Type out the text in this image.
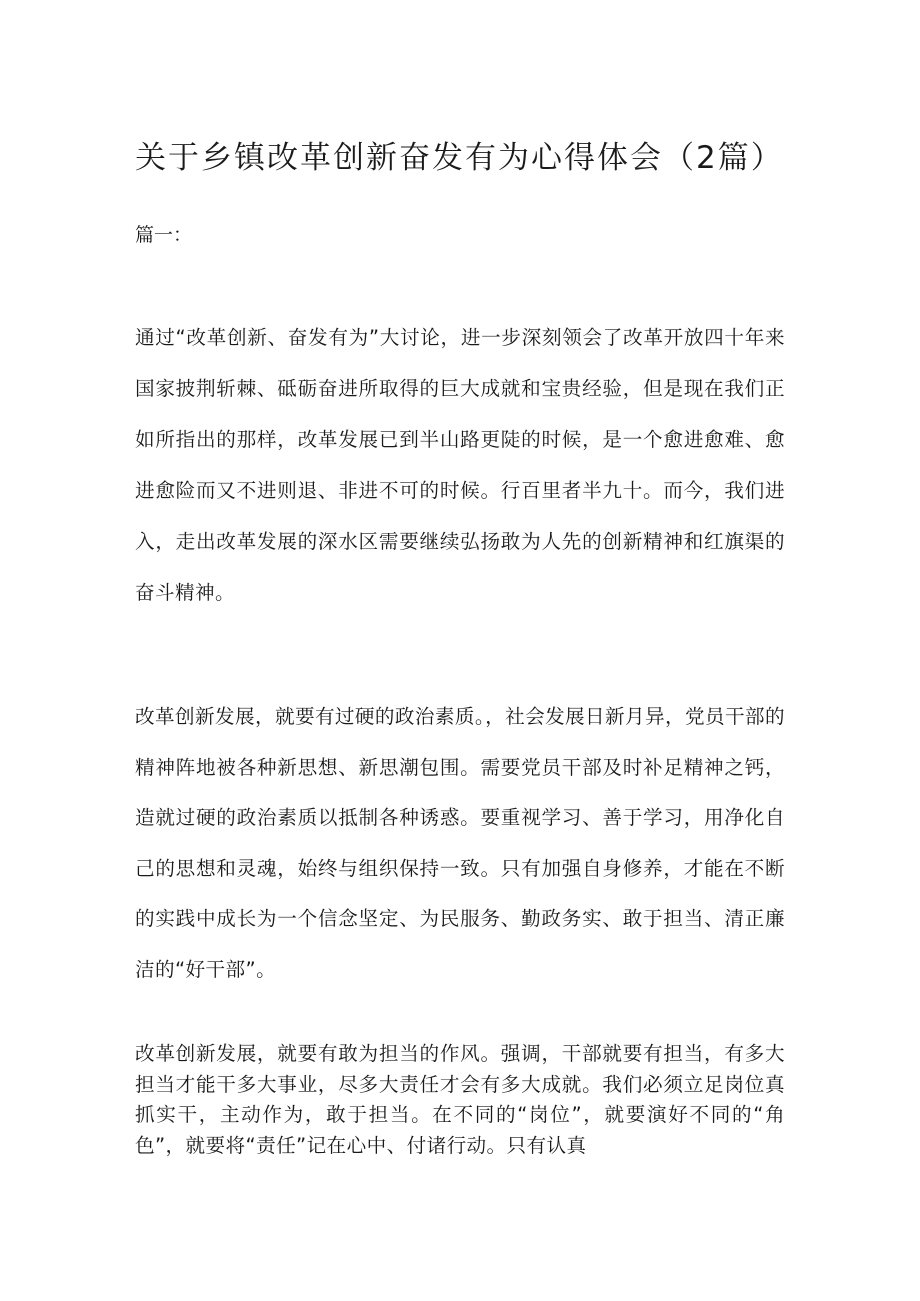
关于乡镇改革创新奋发有为心得体会（2篇）

篇一：

通过“改革创新、奋发有为”大讨论，进一步深刻领会了改革开放四十年来国家披荆斩棘、砥砺奋进所取得的巨大成就和宝贵经验，但是现在我们正如所指出的那样，改革发展已到半山路更陡的时候，是一个愈进愈难、愈进愈险而又不进则退、非进不可的时候。行百里者半九十。而今，我们进入，走出改革发展的深水区需要继续弘扬敢为人先的创新精神和红旗渠的奋斗精神。

改革创新发展，就要有过硬的政治素质。，社会发展日新月异，党员干部的精神阵地被各种新思想、新思潮包围。需要党员干部及时补足精神之钙，造就过硬的政治素质以抵制各种诱惑。要重视学习、善于学习，用净化自己的思想和灵魂，始终与组织保持一致。只有加强自身修养，才能在不断的实践中成长为一个信念坚定、为民服务、勤政务实、敢于担当、清正廉洁的“好干部”。

改革创新发展，就要有敢为担当的作风。强调，干部就要有担当，有多大担当才能干多大事业，尽多大责任才会有多大成就。我们必须立足岗位真抓实干，主动作为，敢于担当。在不同的“岗位”，就要演好不同的“角色”，就要将“责任”记在心中、付诸行动。只有认真
